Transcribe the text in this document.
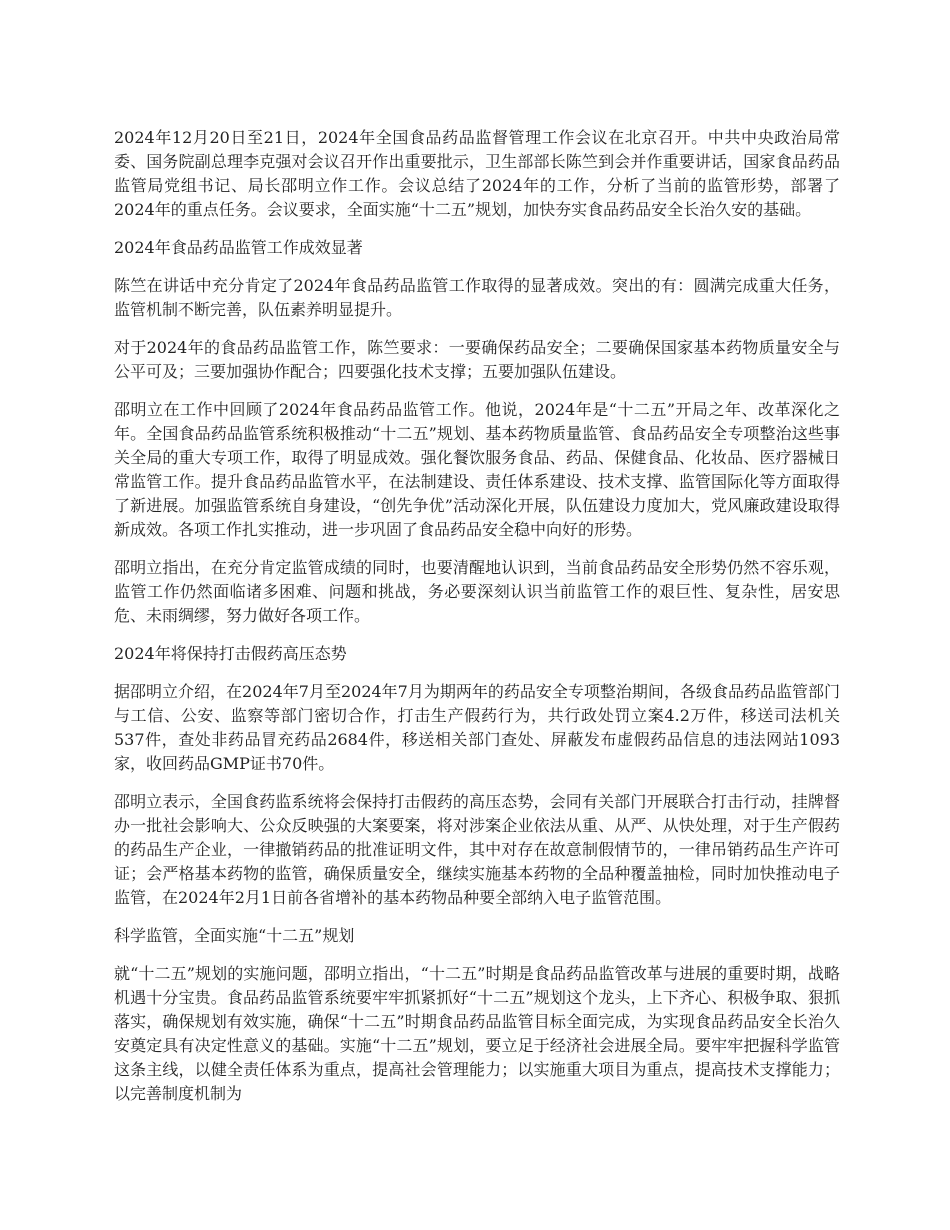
2024年12月20日至21日，2024年全国食品药品监督管理工作会议在北京召开。中共中央政治局常委、国务院副总理李克强对会议召开作出重要批示，卫生部部长陈竺到会并作重要讲话，国家食品药品监管局党组书记、局长邵明立作工作。会议总结了2024年的工作，分析了当前的监管形势，部署了2024年的重点任务。会议要求，全面实施“十二五”规划，加快夯实食品药品安全长治久安的基础。

2024年食品药品监管工作成效显著

陈竺在讲话中充分肯定了2024年食品药品监管工作取得的显著成效。突出的有：圆满完成重大任务，监管机制不断完善，队伍素养明显提升。

对于2024年的食品药品监管工作，陈竺要求：一要确保药品安全；二要确保国家基本药物质量安全与公平可及；三要加强协作配合；四要强化技术支撑；五要加强队伍建设。

邵明立在工作中回顾了2024年食品药品监管工作。他说，2024年是“十二五”开局之年、改革深化之年。全国食品药品监管系统积极推动“十二五”规划、基本药物质量监管、食品药品安全专项整治这些事关全局的重大专项工作，取得了明显成效。强化餐饮服务食品、药品、保健食品、化妆品、医疗器械日常监管工作。提升食品药品监管水平，在法制建设、责任体系建设、技术支撑、监管国际化等方面取得了新进展。加强监管系统自身建设，“创先争优”活动深化开展，队伍建设力度加大，党风廉政建设取得新成效。各项工作扎实推动，进一步巩固了食品药品安全稳中向好的形势。

邵明立指出，在充分肯定监管成绩的同时，也要清醒地认识到，当前食品药品安全形势仍然不容乐观，监管工作仍然面临诸多困难、问题和挑战，务必要深刻认识当前监管工作的艰巨性、复杂性，居安思危、未雨绸缪，努力做好各项工作。

2024年将保持打击假药高压态势

据邵明立介绍，在2024年7月至2024年7月为期两年的药品安全专项整治期间，各级食品药品监管部门与工信、公安、监察等部门密切合作，打击生产假药行为，共行政处罚立案4.2万件，移送司法机关537件，查处非药品冒充药品2684件，移送相关部门查处、屏蔽发布虚假药品信息的违法网站1093家，收回药品GMP证书70件。

邵明立表示，全国食药监系统将会保持打击假药的高压态势，会同有关部门开展联合打击行动，挂牌督办一批社会影响大、公众反映强的大案要案，将对涉案企业依法从重、从严、从快处理，对于生产假药的药品生产企业，一律撤销药品的批准证明文件，其中对存在故意制假情节的，一律吊销药品生产许可证；会严格基本药物的监管，确保质量安全，继续实施基本药物的全品种覆盖抽检，同时加快推动电子监管，在2024年2月1日前各省增补的基本药物品种要全部纳入电子监管范围。

科学监管，全面实施“十二五”规划

就“十二五”规划的实施问题，邵明立指出，“十二五”时期是食品药品监管改革与进展的重要时期，战略机遇十分宝贵。食品药品监管系统要牢牢抓紧抓好“十二五”规划这个龙头，上下齐心、积极争取、狠抓落实，确保规划有效实施，确保“十二五”时期食品药品监管目标全面完成，为实现食品药品安全长治久安奠定具有决定性意义的基础。实施“十二五”规划，要立足于经济社会进展全局。要牢牢把握科学监管这条主线，以健全责任体系为重点，提高社会管理能力；以实施重大项目为重点，提高技术支撑能力；以完善制度机制为
